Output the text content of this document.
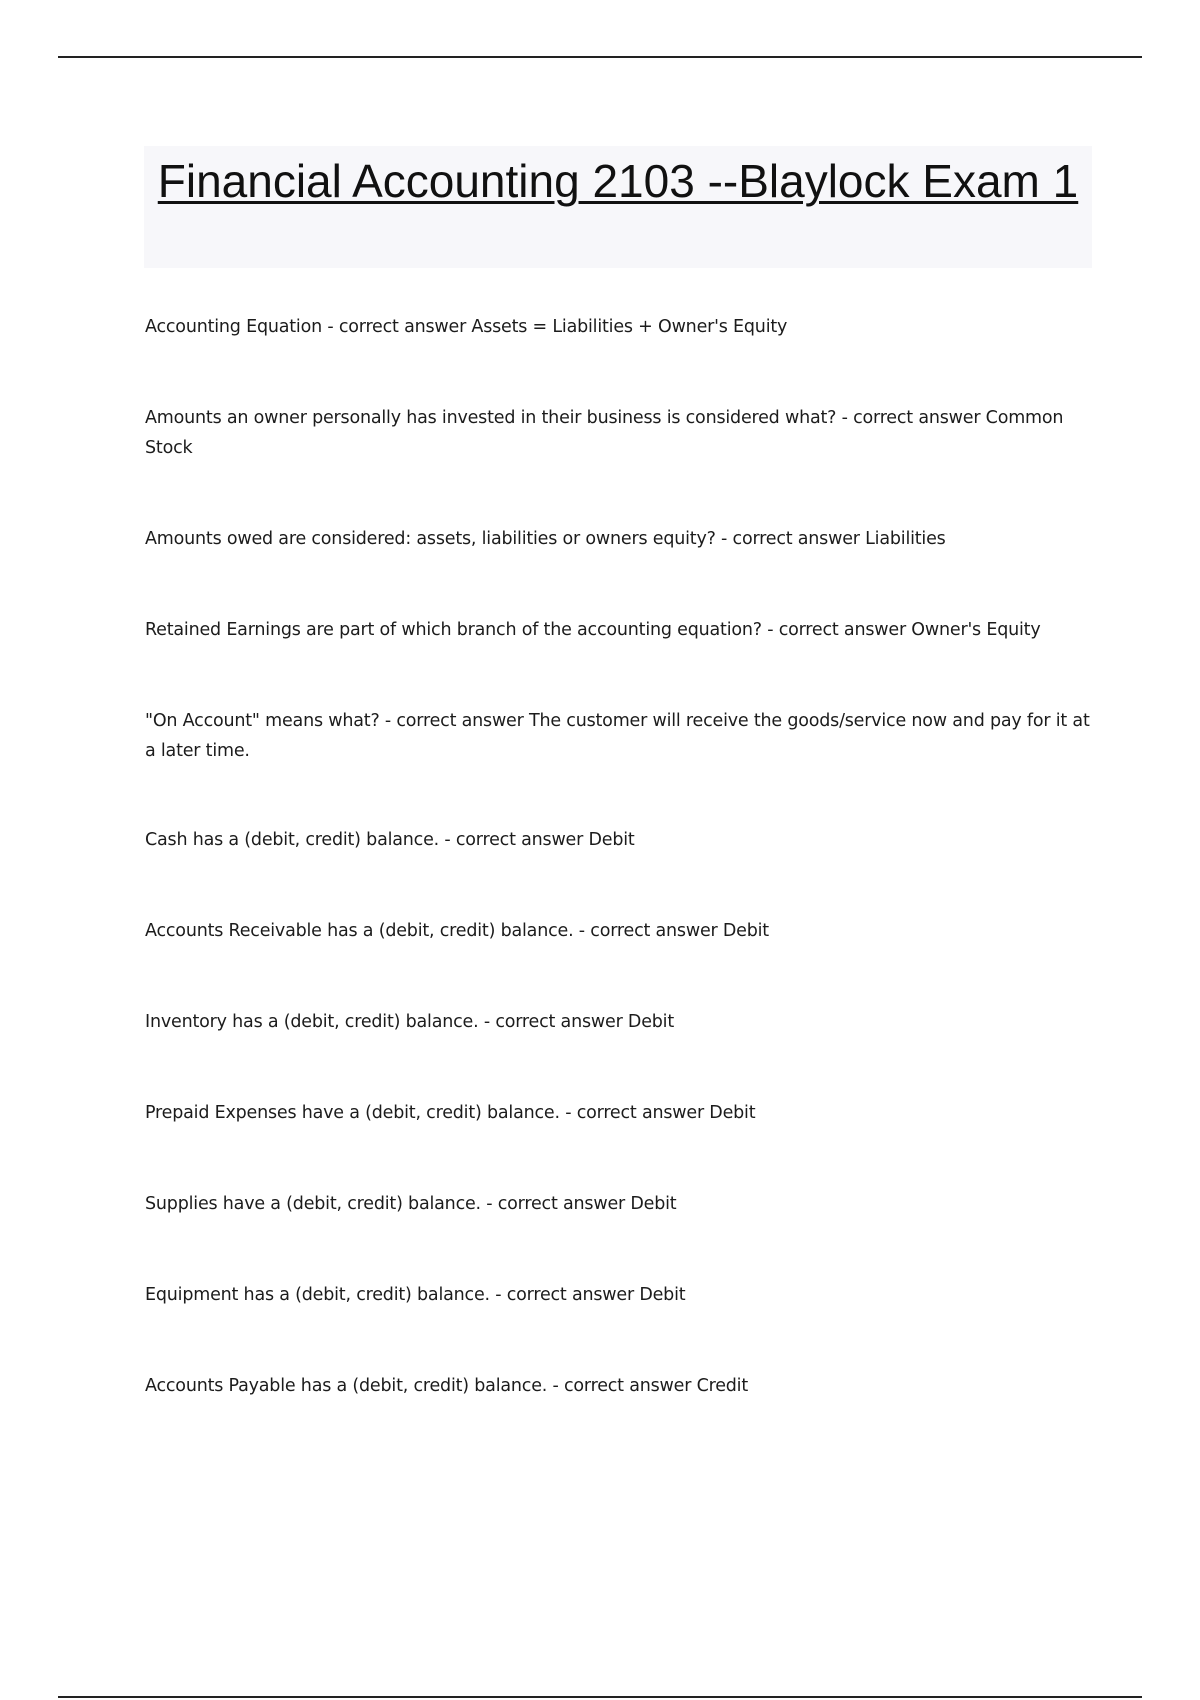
Financial Accounting 2103 --Blaylock Exam 1
Accounting Equation - correct answer Assets = Liabilities + Owner's Equity
Amounts an owner personally has invested in their business is considered what? - correct answer Common Stock
Amounts owed are considered: assets, liabilities or owners equity? - correct answer Liabilities
Retained Earnings are part of which branch of the accounting equation? - correct answer Owner's Equity
"On Account" means what? - correct answer The customer will receive the goods/service now and pay for it at a later time.
Cash has a (debit, credit) balance. - correct answer Debit
Accounts Receivable has a (debit, credit) balance. - correct answer Debit
Inventory has a (debit, credit) balance. - correct answer Debit
Prepaid Expenses have a (debit, credit) balance. - correct answer Debit
Supplies have a (debit, credit) balance. - correct answer Debit
Equipment has a (debit, credit) balance. - correct answer Debit
Accounts Payable has a (debit, credit) balance. - correct answer Credit
